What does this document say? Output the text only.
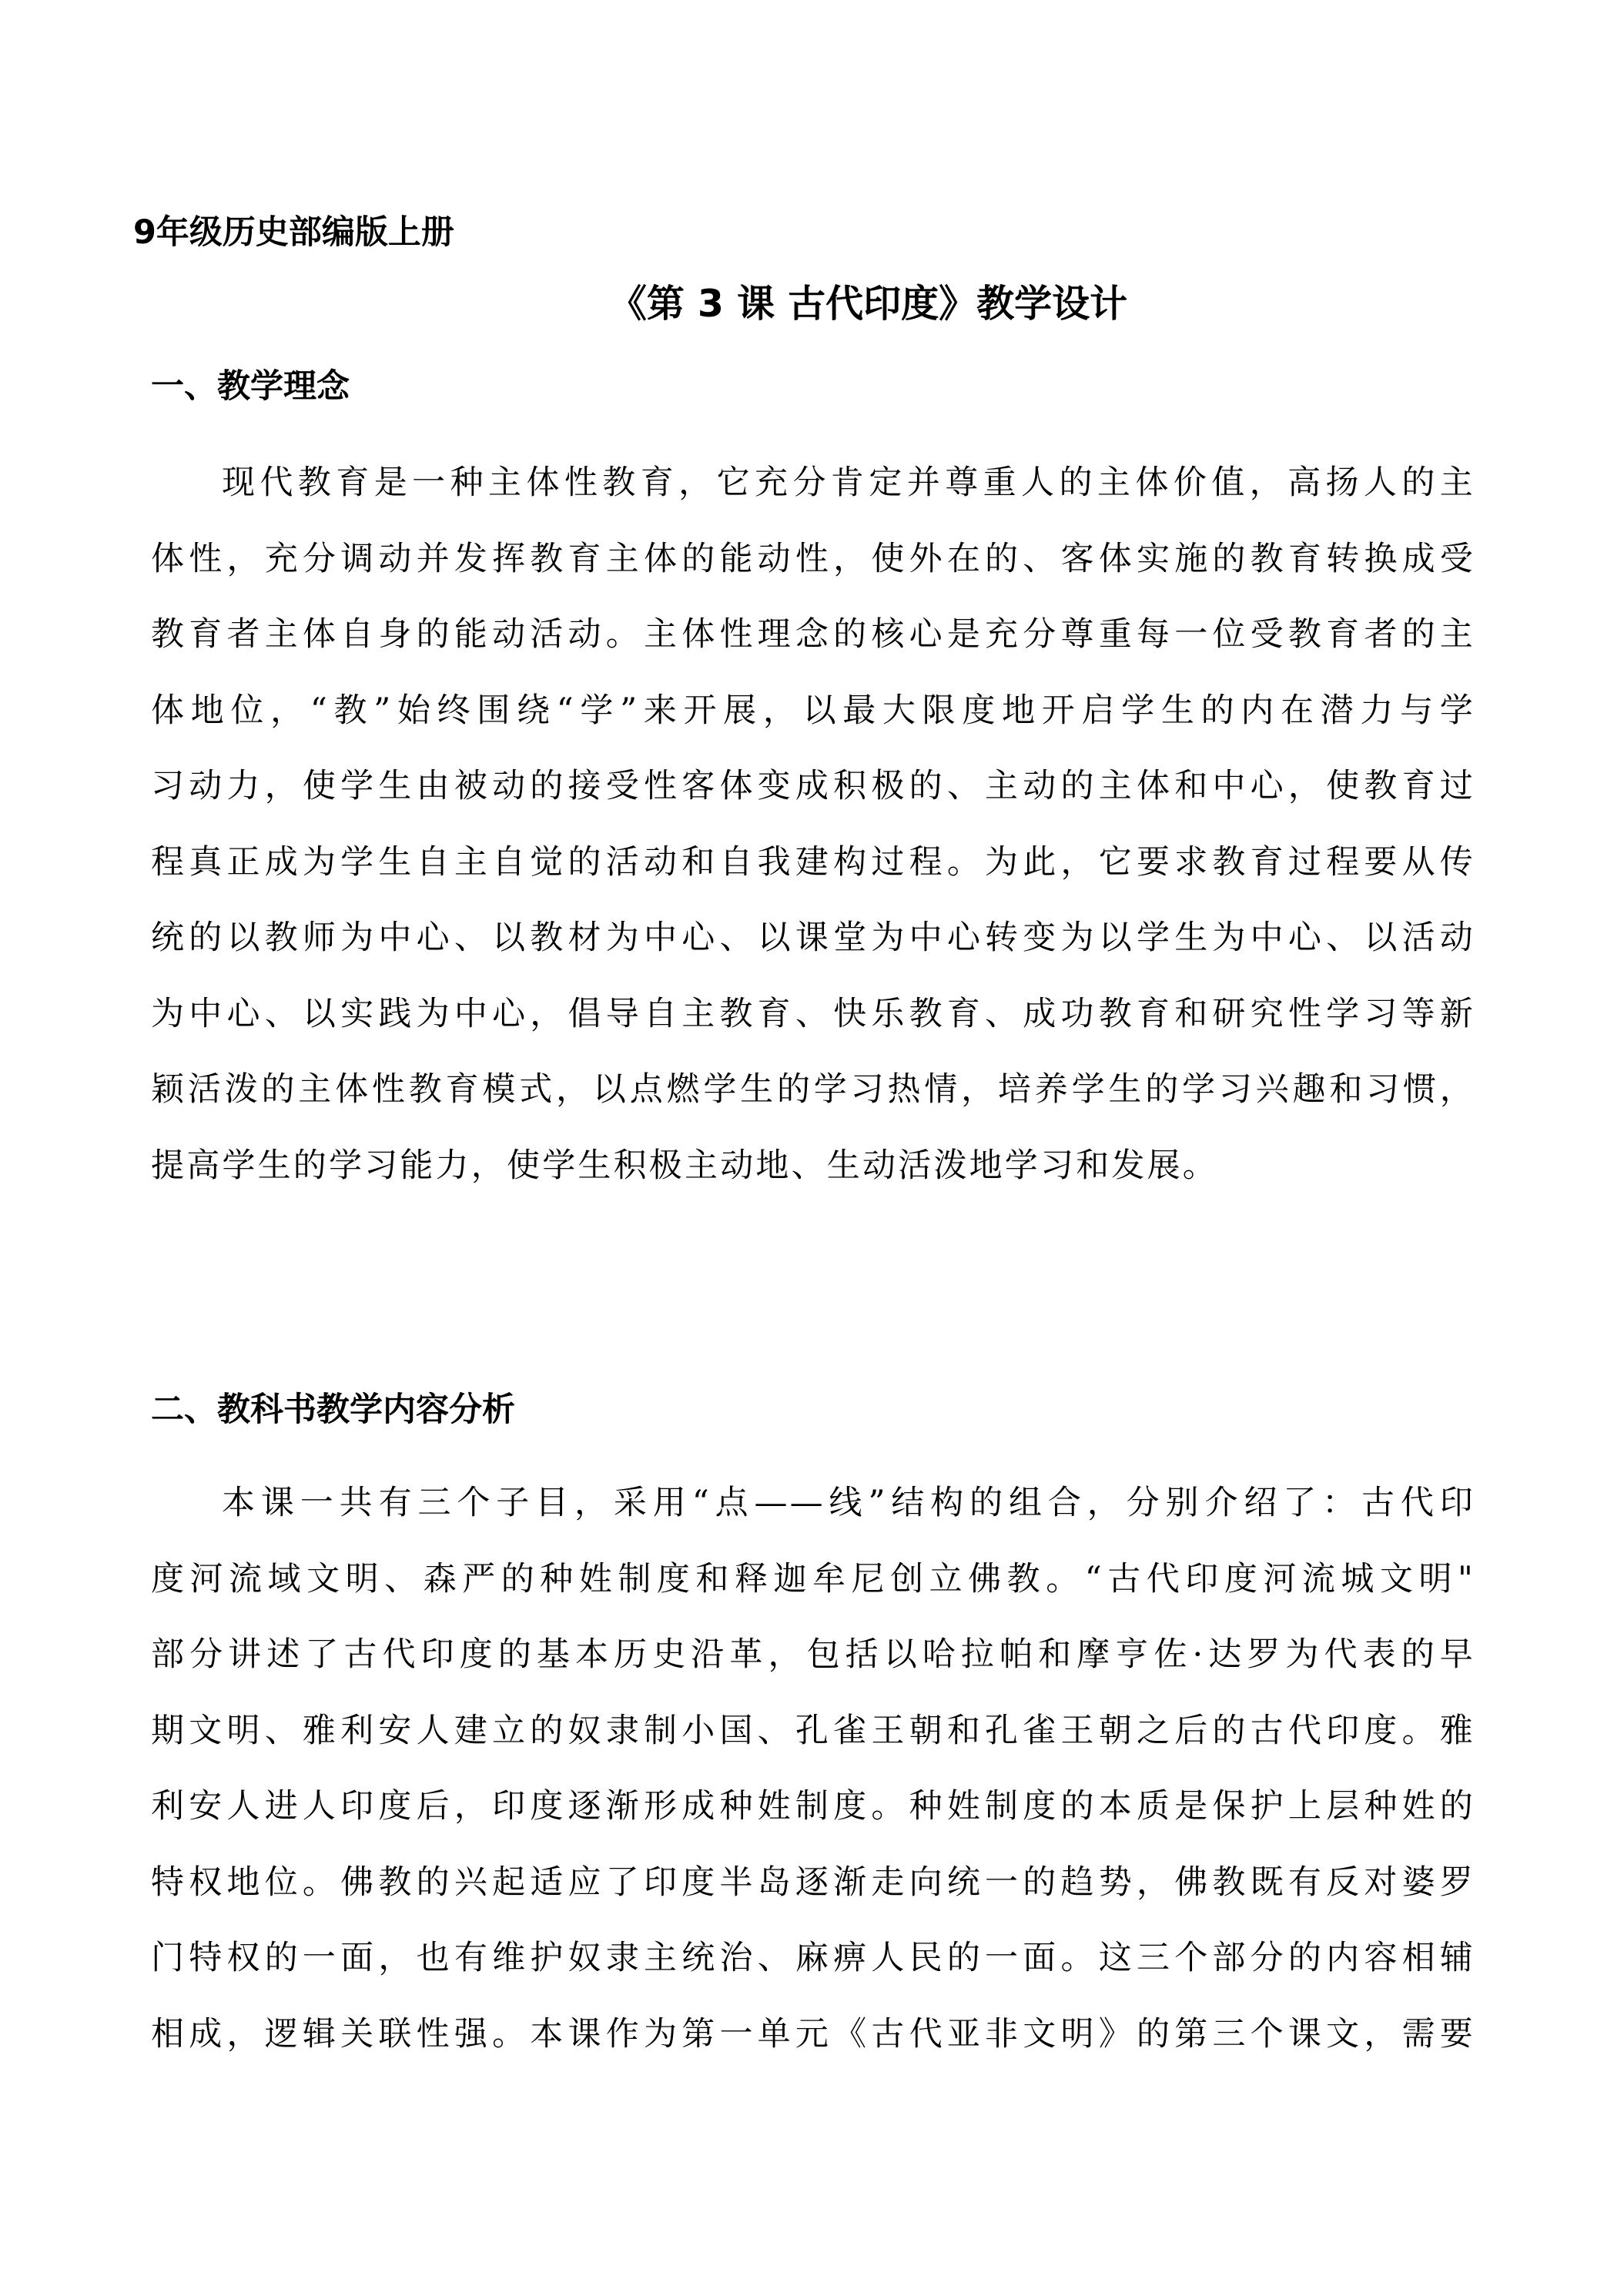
9年级历史部编版上册

《第 3 课 古代印度》教学设计
一、教学理念
现代教育是一种主体性教育，它充分肯定并尊重人的主体价值，高扬人的主
体性，充分调动并发挥教育主体的能动性，使外在的、客体实施的教育转换成受
教育者主体自身的能动活动。主体性理念的核心是充分尊重每一位受教育者的主
体地位，“教”始终围绕“学”来开展，以最大限度地开启学生的内在潜力与学
习动力，使学生由被动的接受性客体变成积极的、主动的主体和中心，使教育过
程真正成为学生自主自觉的活动和自我建构过程。为此，它要求教育过程要从传
统的以教师为中心、以教材为中心、以课堂为中心转变为以学生为中心、以活动
为中心、以实践为中心，倡导自主教育、快乐教育、成功教育和研究性学习等新
颖活泼的主体性教育模式，以点燃学生的学习热情，培养学生的学习兴趣和习惯，
提高学生的学习能力，使学生积极主动地、生动活泼地学习和发展。
二、教科书教学内容分析
本课一共有三个子目，采用“点——线”结构的组合，分别介绍了：古代印
度河流域文明、森严的种姓制度和释迦牟尼创立佛教。“古代印度河流城文明"
部分讲述了古代印度的基本历史沿革，包括以哈拉帕和摩亨佐·达罗为代表的早
期文明、雅利安人建立的奴隶制小国、孔雀王朝和孔雀王朝之后的古代印度。雅
利安人进人印度后，印度逐渐形成种姓制度。种姓制度的本质是保护上层种姓的
特权地位。佛教的兴起适应了印度半岛逐渐走向统一的趋势，佛教既有反对婆罗
门特权的一面，也有维护奴隶主统治、麻痹人民的一面。这三个部分的内容相辅
相成，逻辑关联性强。本课作为第一单元《古代亚非文明》的第三个课文，需要
